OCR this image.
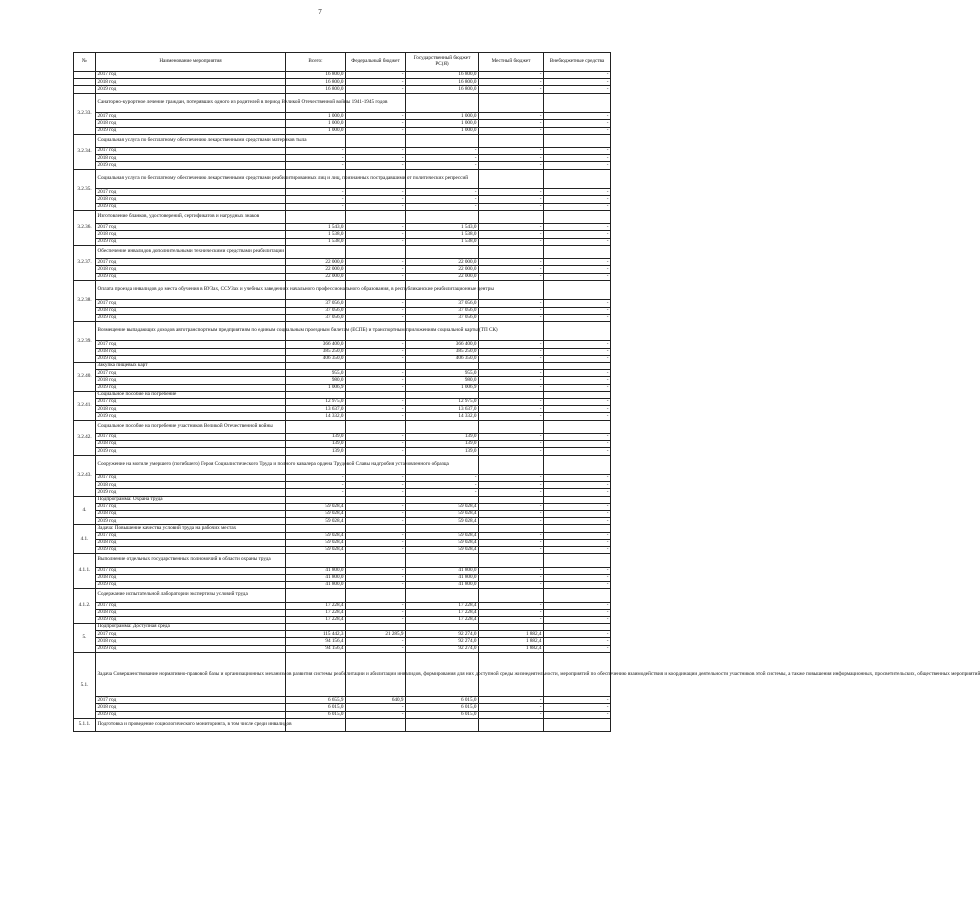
7
№	Наименование мероприятия	Всего:	Федеральный бюджет	Государственный бюджет РС(Я)	Местный бюджет	Внебюджетные средства
	2017 год	16 800,0	-	16 800,0	-	-
	2018 год	16 800,0	-	16 800,0	-	-
	2019 год	16 800,0	-	16 800,0	-	-
3.2.33.	Санаторно-курортное лечение граждан, потерявших одного из родителей в период Великой Отечественной войны 1941-1945 годов					
	2017 год	1 000,0	-	1 000,0	-	-
	2018 год	1 000,0	-	1 000,0	-	-
	2019 год	1 000,0	-	1 000,0	-	-
3.2.34.	Социальная услуга по бесплатному обеспечению лекарственными средствами материков тыла					
	2017 год	-	-	-	-	-
	2018 год	-	-	-	-	-
	2019 год	-	-	-	-	-
3.2.35.	Социальная услуга по бесплатному обеспечению лекарственными средствами реабилитированных лиц и лиц, признанных пострадавшими от политических репрессий					
	2017 год	-	-	-	-	-
	2018 год	-	-	-	-	-
	2019 год	-	-	-	-	-
3.2.36.	Изготовление бланков, удостоверений, сертификатов и нагрудных знаков					
	2017 год	1 543,0	-	1 543,0	-	-
	2018 год	1 538,0	-	1 538,0	-	-
	2019 год	1 538,0	-	1 538,0	-	-
3.2.37.	Обеспечение инвалидов дополнительными техническими средствами реабилитации					
	2017 год	22 000,0	-	22 000,0	-	-
	2018 год	22 000,0	-	22 000,0	-	-
	2019 год	22 000,0	-	22 000,0	-	-
3.2.38.	Оплата проезда инвалидов до места обучения в ВУЗах, ССУЗах и учебных заведениях начального профессионального образования, в республиканские реабилитационные центры					
	2017 год	37 056,0	-	37 056,0	-	-
	2018 год	37 056,0	-	37 056,0	-	-
	2019 год	37 056,0	-	37 056,0	-	-
3.2.39.	Возмещение выпадающих доходов автотранспортным предприятиям по единым социальным проездным билетам (ЕСПБ) и транспортным приложениям социальной карты (ТП СК)					
	2017 год	366 400,0	-	366 400,0	-	-
	2018 год	385 250,0	-	385 250,0	-	-
	2019 год	406 350,0	-	406 350,0	-	-
3.2.40.	Закупка пищевых карт					
	2017 год	955,0	-	955,0	-	-
	2018 год	980,0	-	980,0	-	-
	2019 год	1 006,9	-	1 006,9	-	-
3.2.41.	Социальное пособие на погребение					
	2017 год	12 975,0	-	12 975,0	-	-
	2018 год	13 637,0	-	13 637,0	-	-
	2019 год	14 332,0	-	14 332,0	-	-
3.2.42.	Социальное пособие на погребение участников Великой Отечественной войны					
	2017 год	139,0	-	139,0	-	-
	2018 год	139,0	-	139,0	-	-
	2019 год	139,0	-	139,0	-	-
3.2.43.	Сооружение на могиле умершего (погибшего) Героя Социалистического Труда и полного кавалера ордена Трудовой Славы надгробия установленного образца					
	2017 год	-	-	-	-	-
	2018 год	-	-	-	-	-
	2019 год	-	-	-	-	-
4.	Подпрограмма: Охрана труда					
	2017 год	59 028,4	-	59 028,4	-	-
	2018 год	59 028,4	-	59 028,4	-	-
	2019 год	59 028,4	-	59 028,4	-	-
4.1.	Задача: Повышение качества условий труда на рабочих местах					
	2017 год	59 028,4	-	59 028,4	-	-
	2018 год	59 028,4	-	59 028,4	-	-
	2019 год	59 028,4	-	59 028,4	-	-
4.1.1.	Выполнение отдельных государственных полномочий в области охраны труда					
	2017 год	41 800,0	-	41 800,0	-	-
	2018 год	41 800,0	-	41 800,0	-	-
	2019 год	41 800,0	-	41 800,0	-	-
4.1.2.	Содержание испытательной лаборатории экспертизы условий труда					
	2017 год	17 228,4	-	17 228,4	-	-
	2018 год	17 228,4	-	17 228,4	-	-
	2019 год	17 228,4	-	17 228,4	-	-
5.	Подпрограмма: Доступная среда					
	2017 год	115 442,3	21 285,9	92 274,0	1 882,4	-
	2018 год	94 156,4	-	92 274,0	1 882,4	-
	2019 год	94 156,4	-	92 274,0	1 882,4	-
5.1.	Задача Совершенствование нормативно-правовой базы и организационных механизмов развития системы реабилитации и абилитации инвалидов, формирования для них доступной среды жизнедеятельности, мероприятий по обеспечению взаимодействия и координации деятельности участников этой системы, а также повышения информационных, просветительских, общественных мероприятий					
	2017 год	6 655,9	640,9	6 015,0	-	-
	2018 год	6 015,0	-	6 015,0	-	-
	2019 год	6 015,0	-	6 015,0	-	-
5.1.1.	Подготовка и проведение социологического мониторинга, в том числе среди инвалидов					
